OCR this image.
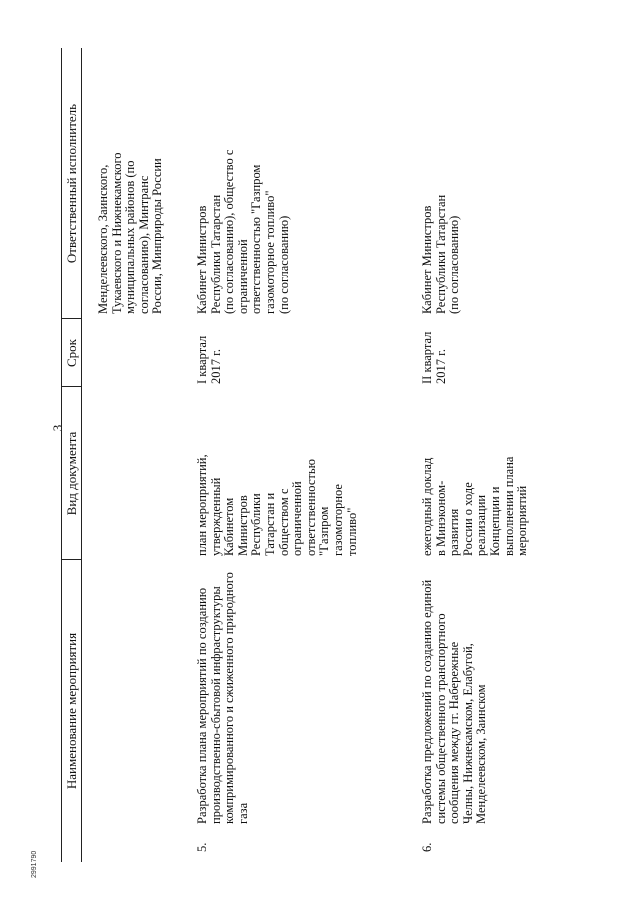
3
Наименование мероприятия
Вид документа
Срок
Ответственный исполнитель
Менделеевского, Заинского,
Тукаевского и Нижнекамского
муниципальных районов (по
согласованию), Минтранс
России, Минприроды России
5.
Разработка плана мероприятий по созданию
производственно-сбытовой инфраструктуры
компримированного и сжиженного природного
газа
план мероприятий,
утвержденный
Кабинетом
Министров
Республики
Татарстан и
обществом с
ограниченной
ответственностью
"Газпром
газомоторное
топливо"
I квартал
2017 г.
Кабинет Министров
Республики Татарстан
(по согласованию), общество с
ограниченной
ответственностью "Газпром
газомоторное топливо"
(по согласованию)
6.
Разработка предложений по созданию единой
системы общественного транспортного
сообщения между гг. Набережные
Челны, Нижнекамском, Елабугой,
Менделеевском, Заинском
ежегодный доклад
в Минэконом-
развития
России о ходе
реализации
Концепции и
выполнении плана
мероприятий
II квартал
2017 г.
Кабинет Министров
Республики Татарстан
(по согласованию)
2991790
